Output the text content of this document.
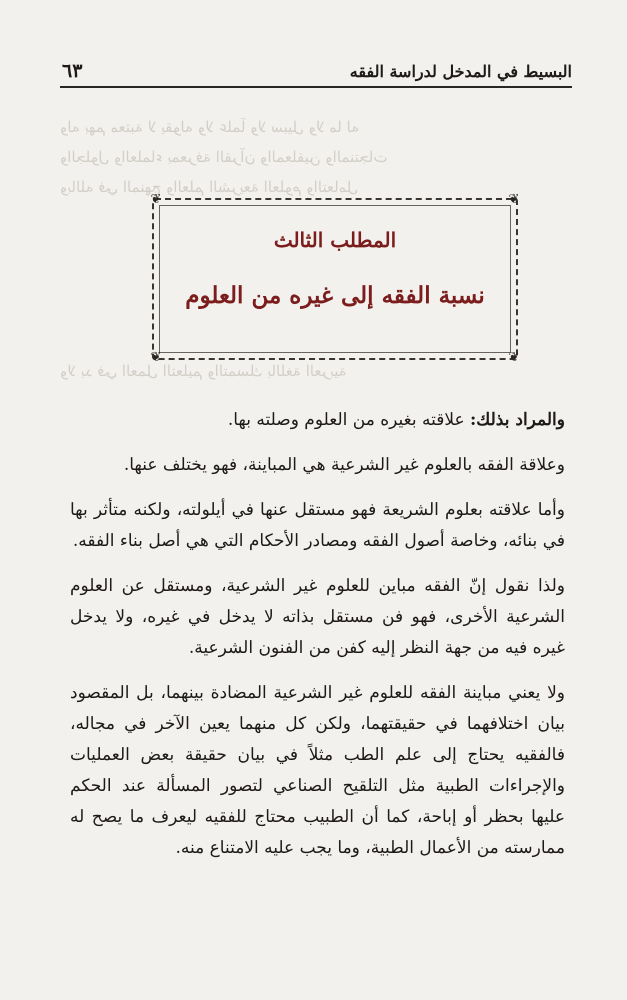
البسيط في المدخل لدراسة الفقه
٦٣
وله بهم معتبة لا يقوله ولا علماً ولا سبيل ولا ما له
والجلول والعلماء بمعرفة القرآن والمعلقين والمنتجات
وبالله في المنهج والعلم الشريعة العلوم والتعامل
ولا بد في العمل التعليم والتمسك باللغة العربية
❦	❦
❦	❦
المطلب الثالث
نسبة الفقه إلى غيره من العلوم

والمراد بذلك: علاقته بغيره من العلوم وصلته بها.

وعلاقة الفقه بالعلوم غير الشرعية هي المباينة، فهو يختلف عنها.

وأما علاقته بعلوم الشريعة فهو مستقل عنها في أيلولته، ولكنه متأثر بها في بنائه، وخاصة أصول الفقه ومصادر الأحكام التي هي أصل بناء الفقه.

ولذا نقول إنّ الفقه مباين للعلوم غير الشرعية، ومستقل عن العلوم الشرعية الأخرى، فهو فن مستقل بذاته لا يدخل في غيره، ولا يدخل غيره فيه من جهة النظر إليه كفن من الفنون الشرعية.

ولا يعني مباينة الفقه للعلوم غير الشرعية المضادة بينهما، بل المقصود بيان اختلافهما في حقيقتهما، ولكن كل منهما يعين الآخر في مجاله، فالفقيه يحتاج إلى علم الطب مثلاً في بيان حقيقة بعض العمليات والإجراءات الطبية مثل التلقيح الصناعي لتصور المسألة عند الحكم عليها بحظر أو إباحة، كما أن الطبيب محتاج للفقيه ليعرف ما يصح له ممارسته من الأعمال الطبية، وما يجب عليه الامتناع منه.
